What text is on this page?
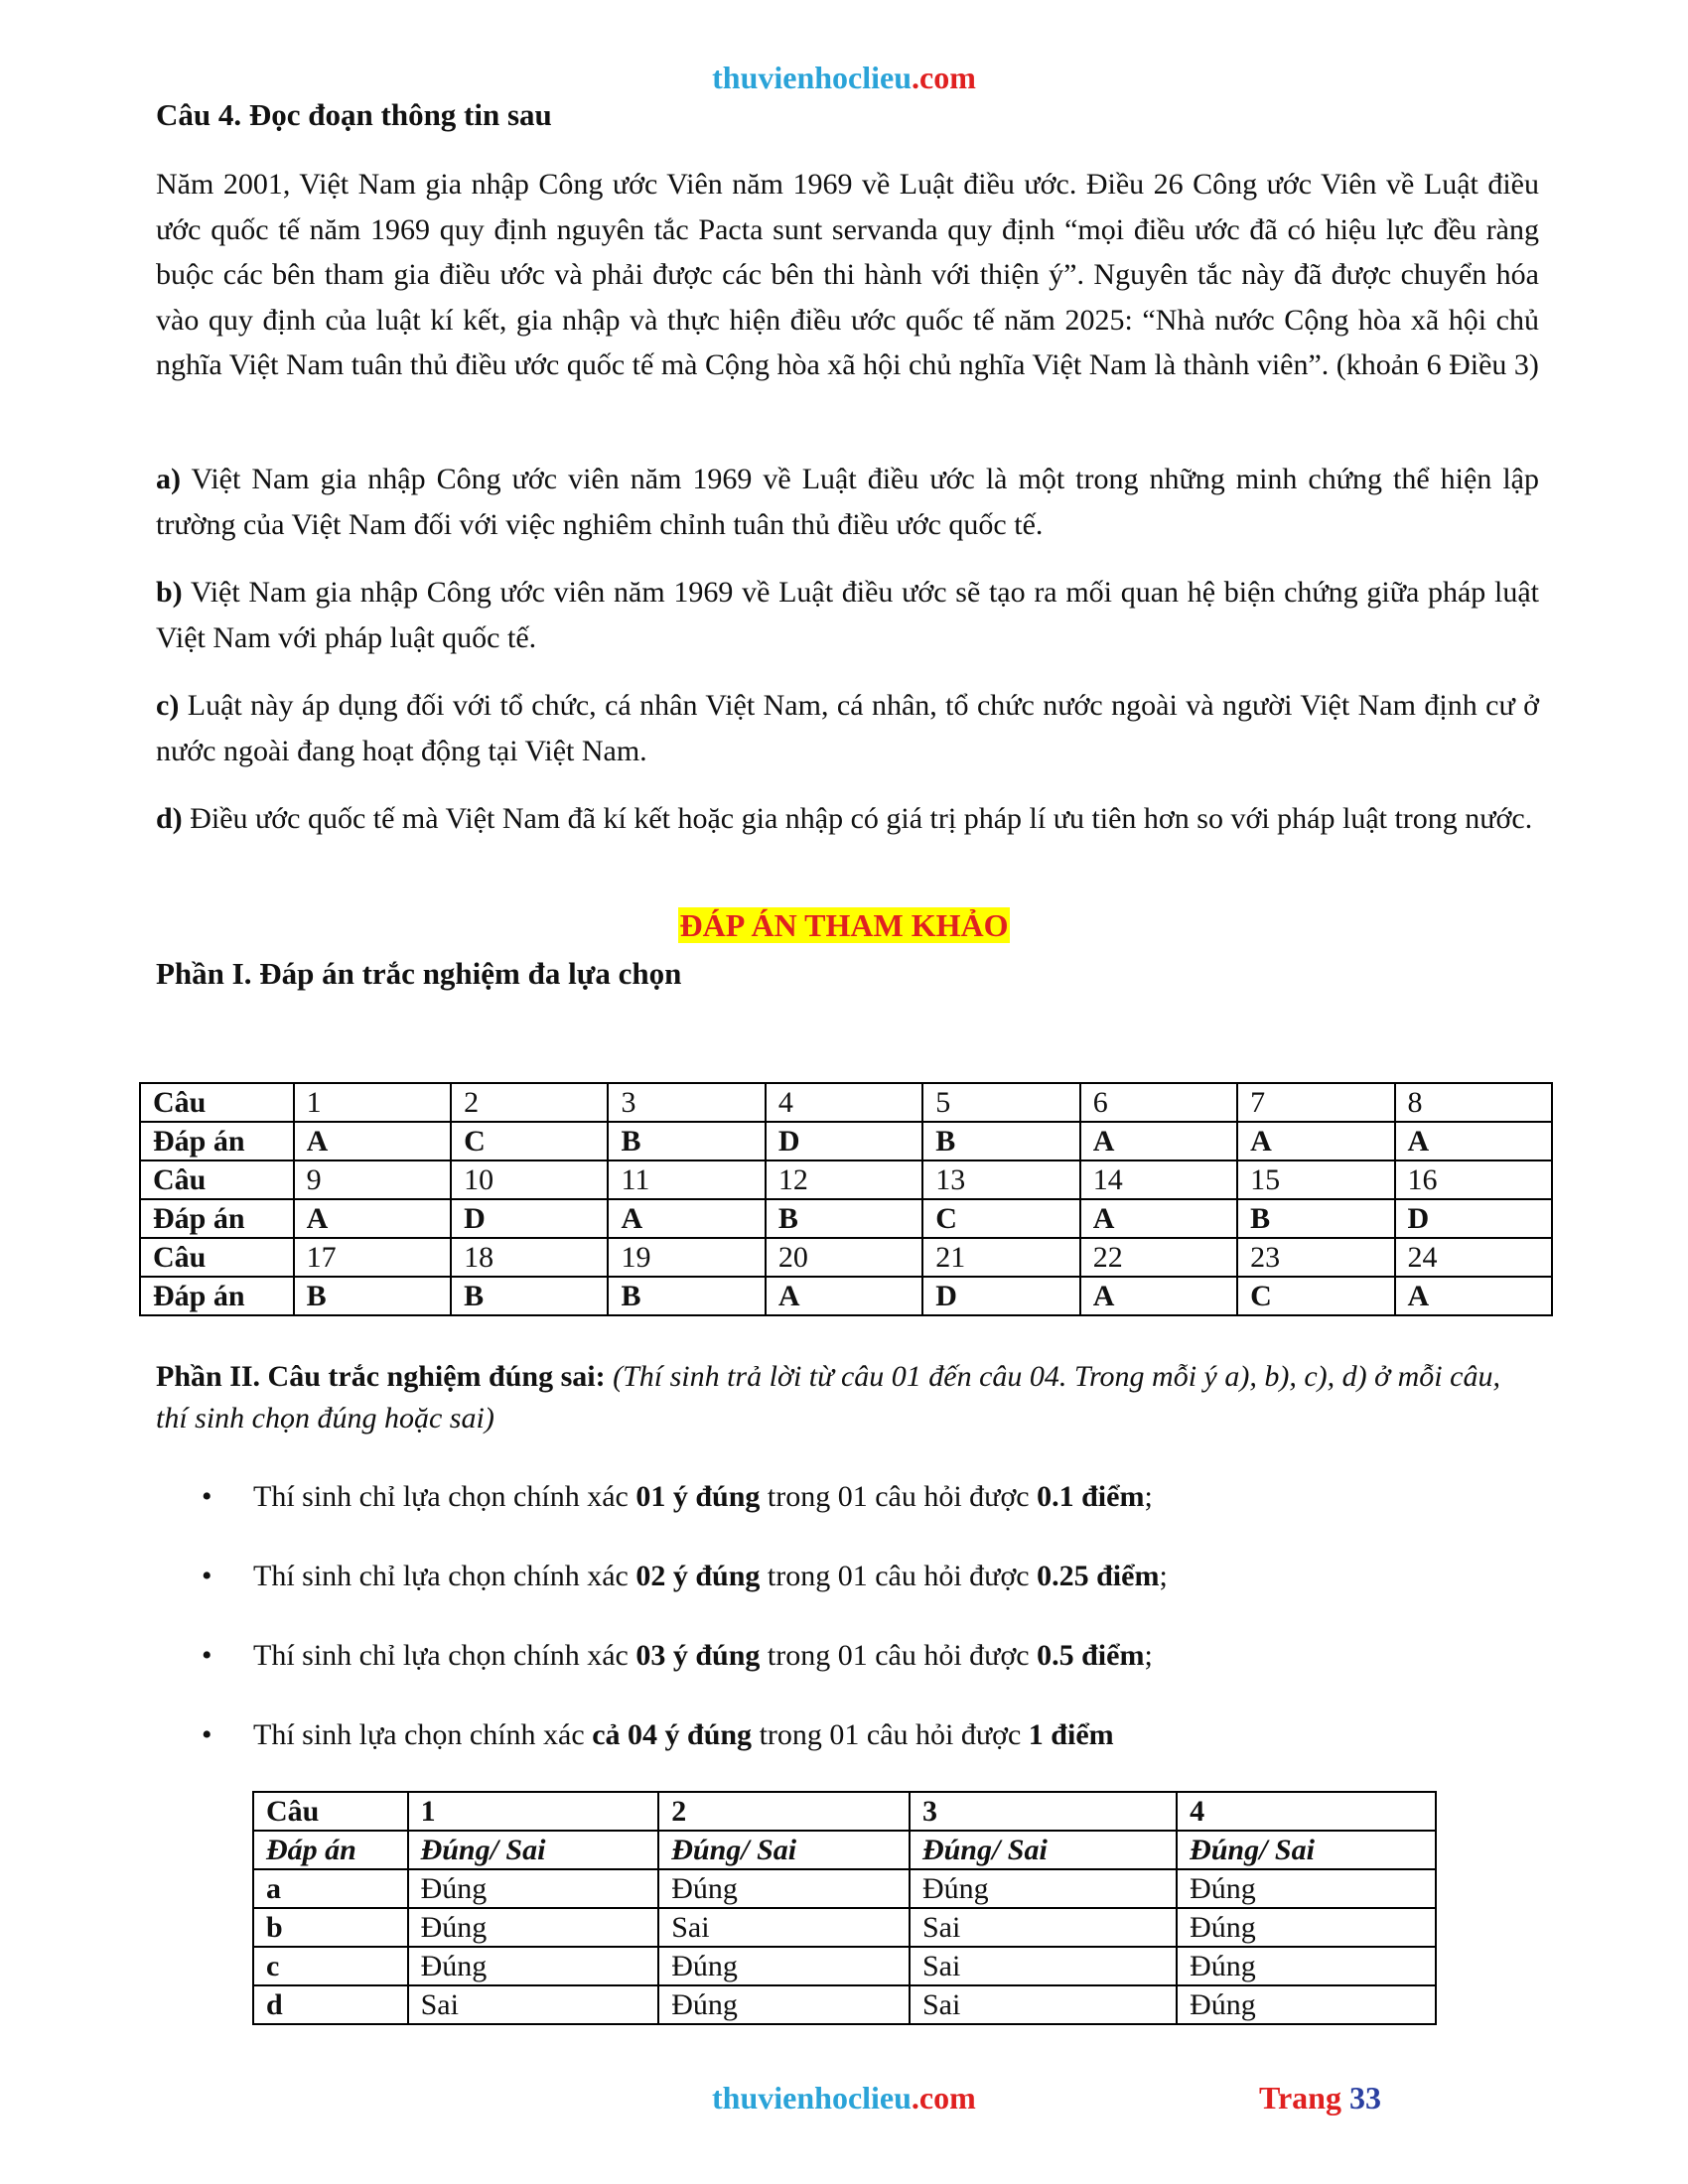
thuvienhoclieu.com
Câu 4. Đọc đoạn thông tin sau
Năm 2001, Việt Nam gia nhập Công ước Viên năm 1969 về Luật điều ước. Điều 26 Công ước Viên về Luật điều ước quốc tế năm 1969 quy định nguyên tắc Pacta sunt servanda quy định “mọi điều ước đã có hiệu lực đều ràng buộc các bên tham gia điều ước và phải được các bên thi hành với thiện ý”. Nguyên tắc này đã được chuyển hóa vào quy định của luật kí kết, gia nhập và thực hiện điều ước quốc tế năm 2025: “Nhà nước Cộng hòa xã hội chủ nghĩa Việt Nam tuân thủ điều ước quốc tế mà Cộng hòa xã hội chủ nghĩa Việt Nam là thành viên”. (khoản 6 Điều 3)
a) Việt Nam gia nhập Công ước viên năm 1969 về Luật điều ước là một trong những minh chứng thể hiện lập trường của Việt Nam đối với việc nghiêm chỉnh tuân thủ điều ước quốc tế.
b) Việt Nam gia nhập Công ước viên năm 1969 về Luật điều ước sẽ tạo ra mối quan hệ biện chứng giữa pháp luật Việt Nam với pháp luật quốc tế.
c) Luật này áp dụng đối với tổ chức, cá nhân Việt Nam, cá nhân, tổ chức nước ngoài và người Việt Nam định cư ở nước ngoài đang hoạt động tại Việt Nam.
d) Điều ước quốc tế mà Việt Nam đã kí kết hoặc gia nhập có giá trị pháp lí ưu tiên hơn so với pháp luật trong nước.
ĐÁP ÁN THAM KHẢO
Phần I. Đáp án trắc nghiệm đa lựa chọn
Câu	1	2	3	4	5	6	7	8
Đáp án	A	C	B	D	B	A	A	A
Câu	9	10	11	12	13	14	15	16
Đáp án	A	D	A	B	C	A	B	D
Câu	17	18	19	20	21	22	23	24
Đáp án	B	B	B	A	D	A	C	A
Phần II. Câu trắc nghiệm đúng sai: (Thí sinh trả lời từ câu 01 đến câu 04. Trong mỗi ý a), b), c), d) ở mỗi câu, thí sinh chọn đúng hoặc sai)
• Thí sinh chỉ lựa chọn chính xác 01 ý đúng trong 01 câu hỏi được 0.1 điểm;
• Thí sinh chỉ lựa chọn chính xác 02 ý đúng trong 01 câu hỏi được 0.25 điểm;
• Thí sinh chỉ lựa chọn chính xác 03 ý đúng trong 01 câu hỏi được 0.5 điểm;
• Thí sinh lựa chọn chính xác cả 04 ý đúng trong 01 câu hỏi được 1 điểm
Câu	1	2	3	4
Đáp án	Đúng/ Sai	Đúng/ Sai	Đúng/ Sai	Đúng/ Sai
a	Đúng	Đúng	Đúng	Đúng
b	Đúng	Sai	Sai	Đúng
c	Đúng	Đúng	Sai	Đúng
d	Sai	Đúng	Sai	Đúng
thuvienhoclieu.com	Trang 33
